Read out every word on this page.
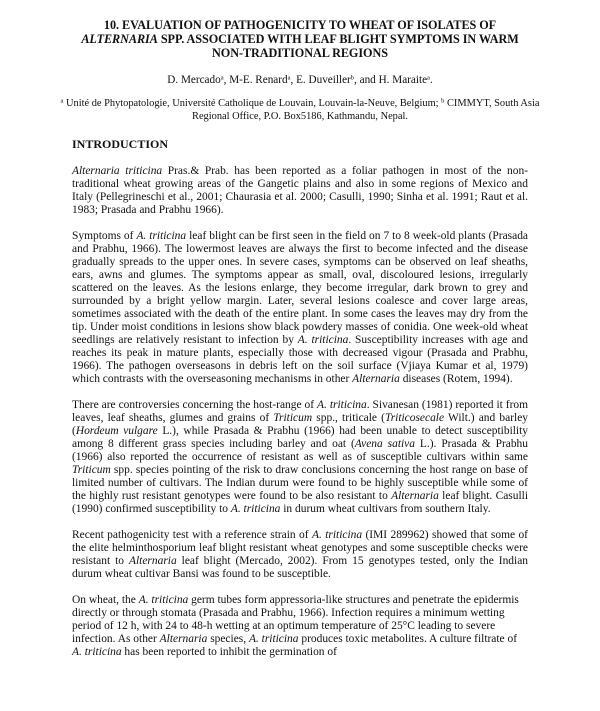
10. EVALUATION OF PATHOGENICITY TO WHEAT OF ISOLATES OF
ALTERNARIA SPP. ASSOCIATED WITH LEAF BLIGHT SYMPTOMS IN WARM
NON-TRADITIONAL REGIONS
D. Mercado$^a$, M-E. Renard$^a$, E. Duveiller$^b$, and H. Maraite$^a$.
$^a$ Unité de Phytopatologie, Université Catholique de Louvain, Louvain-la-Neuve, Belgium; $^b$ CIMMYT, South Asia Regional Office, P.O. Box5186, Kathmandu, Nepal.
INTRODUCTION

Alternaria triticina Pras.& Prab. has been reported as a foliar pathogen in most of the non-traditional wheat growing areas of the Gangetic plains and also in some regions of Mexico and Italy (Pellegrineschi et al., 2001; Chaurasia et al. 2000; Casulli, 1990; Sinha et al. 1991; Raut et al. 1983; Prasada and Prabhu 1966).

Symptoms of A. triticina leaf blight can be first seen in the field on 7 to 8 week-old plants (Prasada and Prabhu, 1966). The lowermost leaves are always the first to become infected and the disease gradually spreads to the upper ones. In severe cases, symptoms can be observed on leaf sheaths, ears, awns and glumes. The symptoms appear as small, oval, discoloured lesions, irregularly scattered on the leaves. As the lesions enlarge, they become irregular, dark brown to grey and surrounded by a bright yellow margin. Later, several lesions coalesce and cover large areas, sometimes associated with the death of the entire plant. In some cases the leaves may dry from the tip. Under moist conditions in lesions show black powdery masses of conidia. One week-old wheat seedlings are relatively resistant to infection by A. triticina. Susceptibility increases with age and reaches its peak in mature plants, especially those with decreased vigour (Prasada and Prabhu, 1966). The pathogen overseasons in debris left on the soil surface (Vjiaya Kumar et al, 1979) which contrasts with the overseasoning mechanisms in other Alternaria diseases (Rotem, 1994).

There are controversies concerning the host-range of A. triticina. Sivanesan (1981) reported it from leaves, leaf sheaths, glumes and grains of Triticum spp., triticale (Triticosecale Wilt.) and barley (Hordeum vulgare L.), while Prasada & Prabhu (1966) had been unable to detect susceptibility among 8 different grass species including barley and oat (Avena sativa L.). Prasada & Prabhu (1966) also reported the occurrence of resistant as well as of susceptible cultivars within same Triticum spp. species pointing of the risk to draw conclusions concerning the host range on base of limited number of cultivars. The Indian durum were found to be highly susceptible while some of the highly rust resistant genotypes were found to be also resistant to Alternaria leaf blight. Casulli (1990) confirmed susceptibility to A. triticina in durum wheat cultivars from southern Italy.

Recent pathogenicity test with a reference strain of A. triticina (IMI 289962) showed that some of the elite helminthosporium leaf blight resistant wheat genotypes and some susceptible checks were resistant to Alternaria leaf blight (Mercado, 2002). From 15 genotypes tested, only the Indian durum wheat cultivar Bansi was found to be susceptible.

On wheat, the A. triticina germ tubes form appressoria-like structures and penetrate the epidermis directly or through stomata (Prasada and Prabhu, 1966). Infection requires a minimum wetting period of 12 h, with 24 to 48-h wetting at an optimum temperature of 25°C leading to severe infection. As other Alternaria species, A. triticina produces toxic metabolites. A culture filtrate of A. triticina has been reported to inhibit the germination of
